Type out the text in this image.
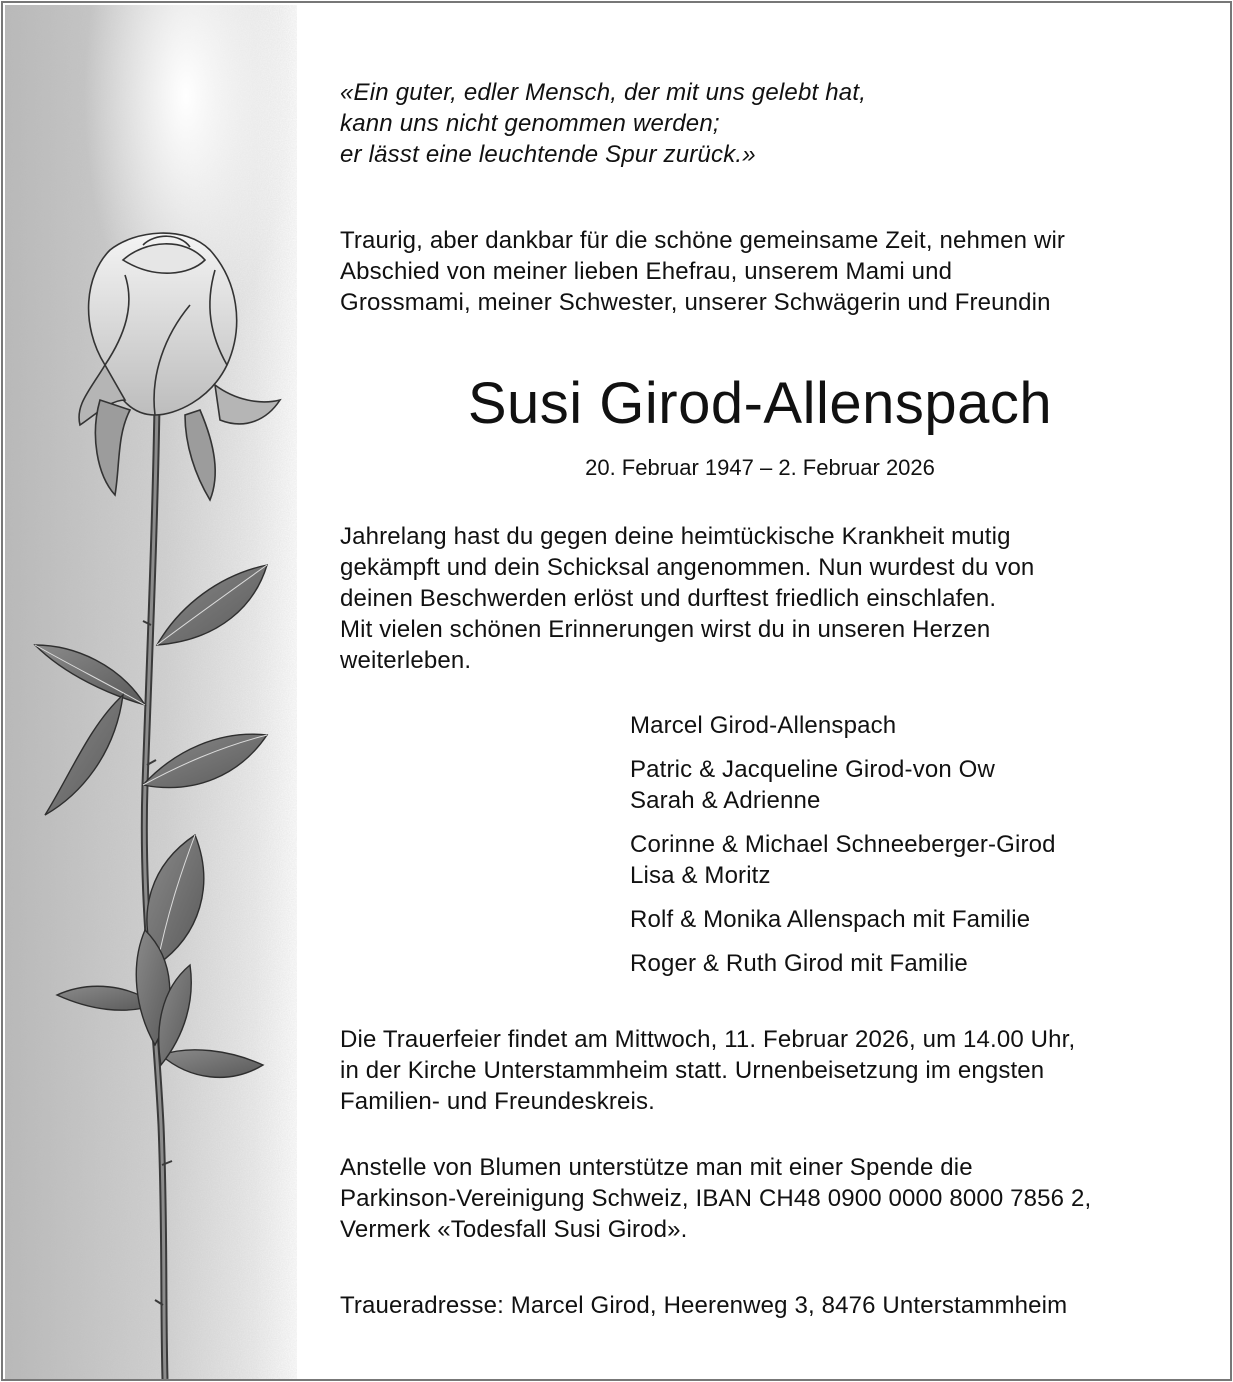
«Ein guter, edler Mensch, der mit uns gelebt hat,
kann uns nicht genommen werden;
er lässt eine leuchtende Spur zurück.»
Traurig, aber dankbar für die schöne gemeinsame Zeit, nehmen wir
Abschied von meiner lieben Ehefrau, unserem Mami und
Grossmami, meiner Schwester, unserer Schwägerin und Freundin
Susi Girod-Allenspach
20. Februar 1947 – 2. Februar 2026
Jahrelang hast du gegen deine heimtückische Krankheit mutig
gekämpft und dein Schicksal angenommen. Nun wurdest du von
deinen Beschwerden erlöst und durftest friedlich einschlafen.
Mit vielen schönen Erinnerungen wirst du in unseren Herzen
weiterleben.
Marcel Girod-Allenspach
Patric & Jacqueline Girod-von Ow
Sarah & Adrienne
Corinne & Michael Schneeberger-Girod
Lisa & Moritz
Rolf & Monika Allenspach mit Familie
Roger & Ruth Girod mit Familie
Die Trauerfeier findet am Mittwoch, 11. Februar 2026, um 14.00 Uhr,
in der Kirche Unterstammheim statt. Urnenbeisetzung im engsten
Familien- und Freundeskreis.
Anstelle von Blumen unterstütze man mit einer Spende die
Parkinson-Vereinigung Schweiz, IBAN CH48 0900 0000 8000 7856 2,
Vermerk «Todesfall Susi Girod».
Traueradresse: Marcel Girod, Heerenweg 3, 8476 Unterstammheim
